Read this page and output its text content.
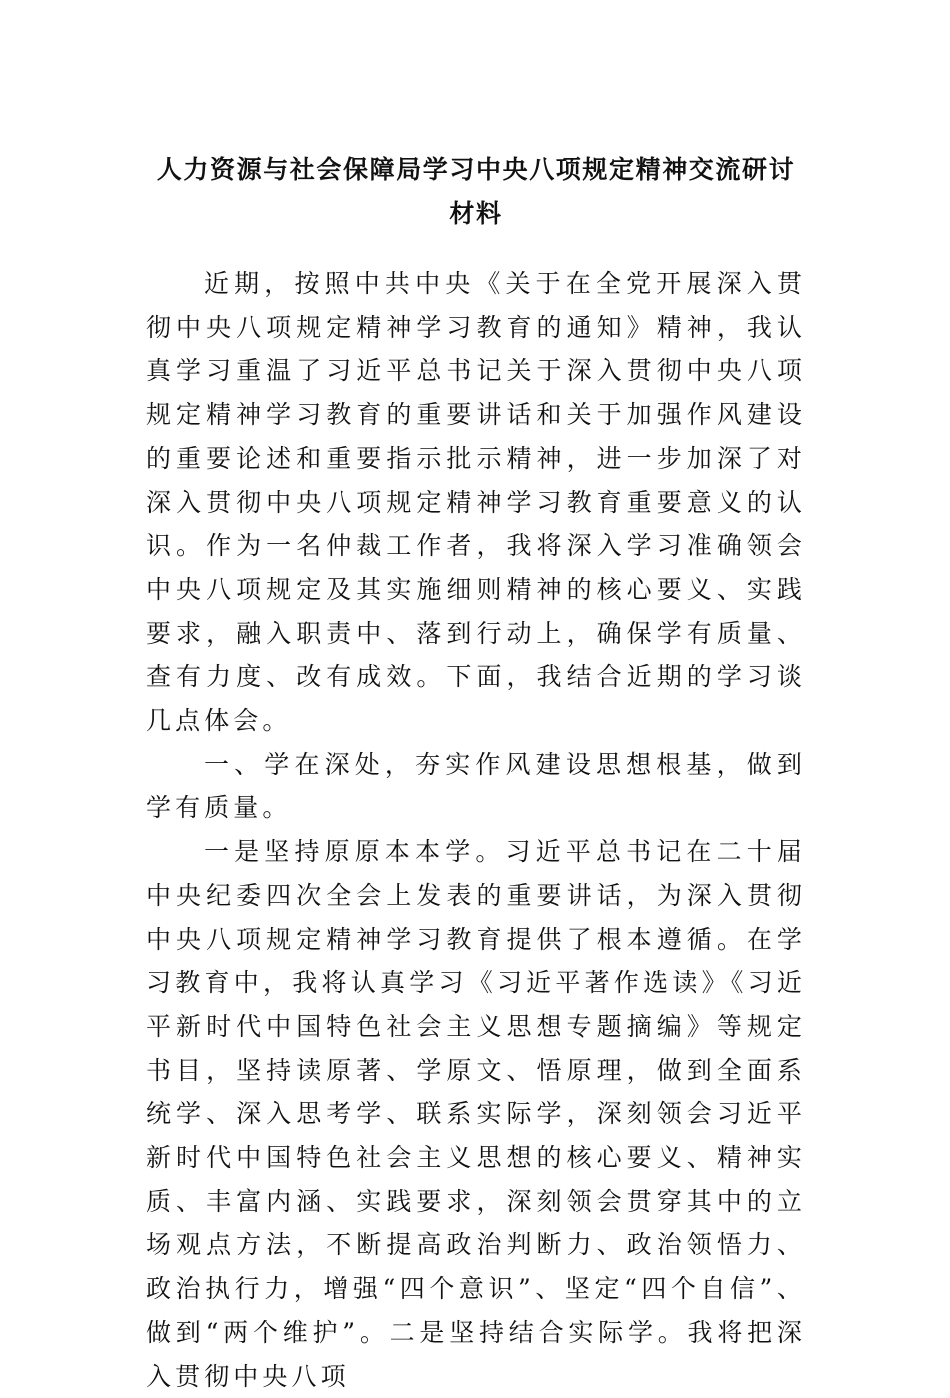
人力资源与社会保障局学习中央八项规定精神交流研讨材料

近期，按照中共中央《关于在全党开展深入贯彻中央八项规定精神学习教育的通知》精神，我认真学习重温了习近平总书记关于深入贯彻中央八项规定精神学习教育的重要讲话和关于加强作风建设的重要论述和重要指示批示精神，进一步加深了对深入贯彻中央八项规定精神学习教育重要意义的认识。作为一名仲裁工作者，我将深入学习准确领会中央八项规定及其实施细则精神的核心要义、实践要求，融入职责中、落到行动上，确保学有质量、查有力度、改有成效。下面，我结合近期的学习谈几点体会。

一、学在深处，夯实作风建设思想根基，做到学有质量。

一是坚持原原本本学。习近平总书记在二十届中央纪委四次全会上发表的重要讲话，为深入贯彻中央八项规定精神学习教育提供了根本遵循。在学习教育中，我将认真学习《习近平著作选读》《习近平新时代中国特色社会主义思想专题摘编》等规定书目，坚持读原著、学原文、悟原理，做到全面系统学、深入思考学、联系实际学，深刻领会习近平新时代中国特色社会主义思想的核心要义、精神实质、丰富内涵、实践要求，深刻领会贯穿其中的立场观点方法，不断提高政治判断力、政治领悟力、政治执行力，增强“四个意识”、坚定“四个自信”、做到“两个维护”。二是坚持结合实际学。我将把深入贯彻中央八项
